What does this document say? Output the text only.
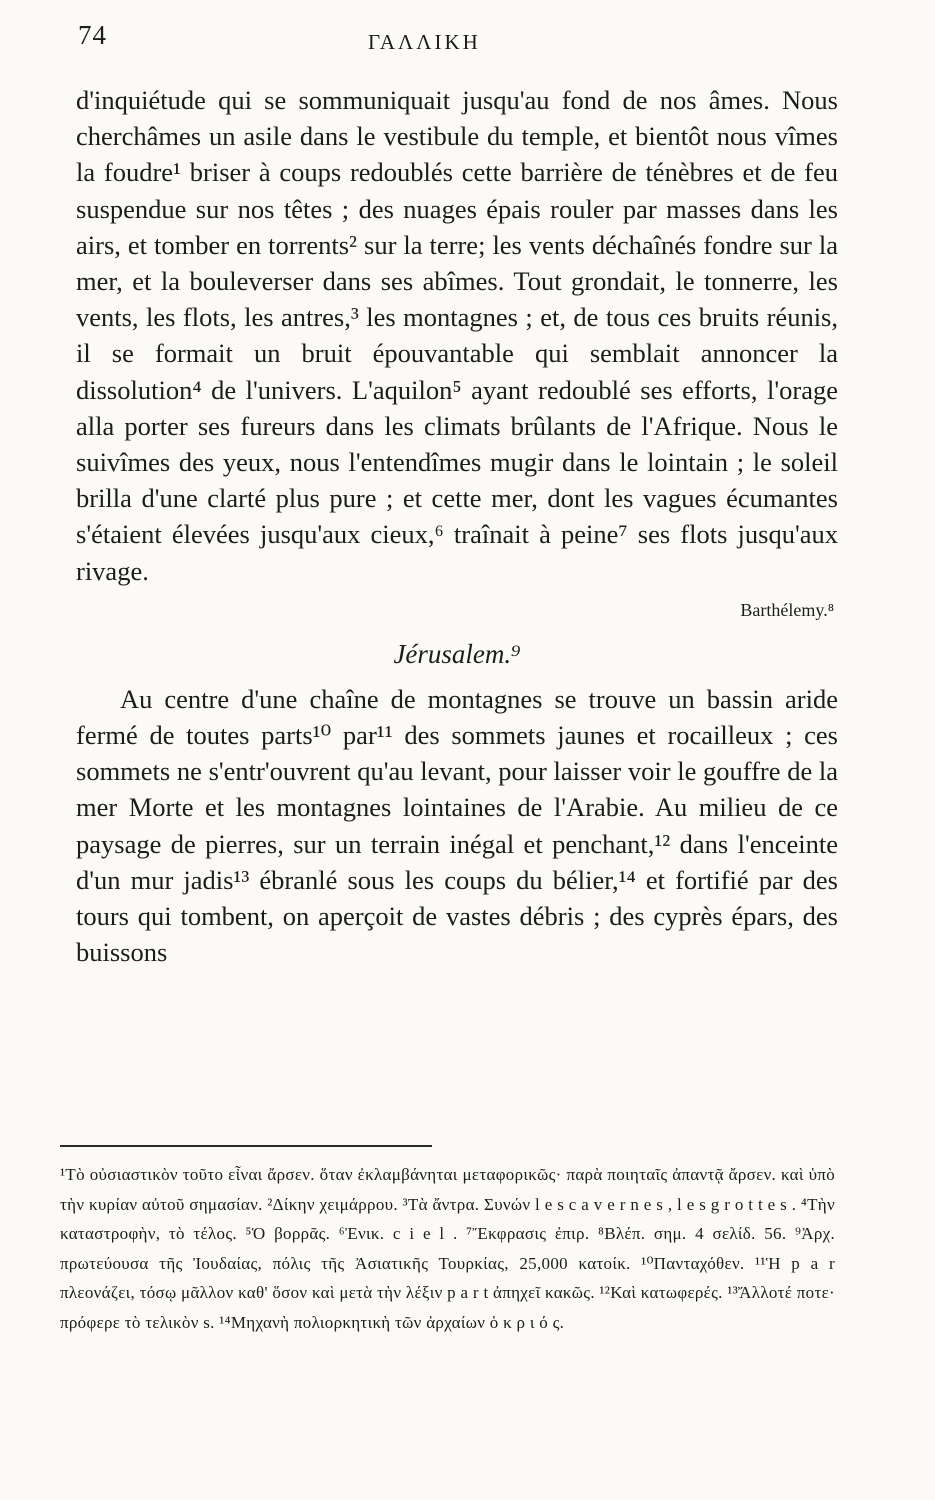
74	ΓΑΛΛΙΚΗ

d'inquiétude qui se sommuniquait jusqu'au fond de nos âmes. Nous cherchâmes un asile dans le vestibule du temple, et bientôt nous vîmes la foudre¹ briser à coups redoublés cette barrière de ténèbres et de feu suspendue sur nos têtes ; des nuages épais rouler par masses dans les airs, et tomber en torrents² sur la terre; les vents déchaînés fondre sur la mer, et la bouleverser dans ses abîmes. Tout grondait, le tonnerre, les vents, les flots, les antres,³ les montagnes ; et, de tous ces bruits réunis, il se formait un bruit épouvantable qui semblait annoncer la dissolution⁴ de l'univers. L'aquilon⁵ ayant redoublé ses efforts, l'orage alla porter ses fureurs dans les climats brûlants de l'Afrique. Nous le suivîmes des yeux, nous l'entendîmes mugir dans le lointain ; le soleil brilla d'une clarté plus pure ; et cette mer, dont les vagues écumantes s'étaient élevées jusqu'aux cieux,⁶ traînait à peine⁷ ses flots jusqu'aux rivage.

Barthélemy.⁸
Jérusalem.⁹

Au centre d'une chaîne de montagnes se trouve un bassin aride fermé de toutes parts¹⁰ par¹¹ des sommets jaunes et rocailleux ; ces sommets ne s'entr'ouvrent qu'au levant, pour laisser voir le gouffre de la mer Morte et les montagnes lointaines de l'Arabie. Au milieu de ce paysage de pierres, sur un terrain inégal et penchant,¹² dans l'enceinte d'un mur jadis¹³ ébranlé sous les coups du bélier,¹⁴ et fortifié par des tours qui tombent, on aperçoit de vastes débris ; des cyprès épars, des buissons

¹Τὸ οὐσιαστικὸν τοῦτο εἶναι ἄρσεν. ὅταν ἐκλαμβάνηται μεταφορικῶς· παρὰ ποιηταῖς ἀπαντᾷ ἄρσεν. καὶ ὑπὸ τὴν κυρίαν αὐτοῦ σημασίαν. ²Δίκην χειμάρρου. ³Τὰ ἄντρα. Συνών l e s c a v e r n e s , l e s g r o t t e s . ⁴Τὴν καταστροφὴν, τὸ τέλος. ⁵Ὁ βορρᾶς. ⁶Ἐνικ. c i e l . ⁷Ἔκφρασις ἐπιρ. ⁸Βλέπ. σημ. 4 σελίδ. 56. ⁹Ἀρχ. πρωτεύουσα τῆς Ἰουδαίας, πόλις τῆς Ἀσιατικῆς Τουρκίας, 25,000 κατοίκ. ¹⁰Πανταχόθεν. ¹¹Ἡ p a r πλεονάζει, τόσῳ μᾶλλον καθ' ὅσον καὶ μετὰ τὴν λέξιν p a r t ἀπηχεῖ κακῶς. ¹²Καὶ κατωφερές. ¹³Ἄλλοτέ ποτε· πρόφερε τὸ τελικὸν s. ¹⁴Μηχανὴ πολιορκητικὴ τῶν ἀρχαίων ὁ κ ρ ι ό ς.
